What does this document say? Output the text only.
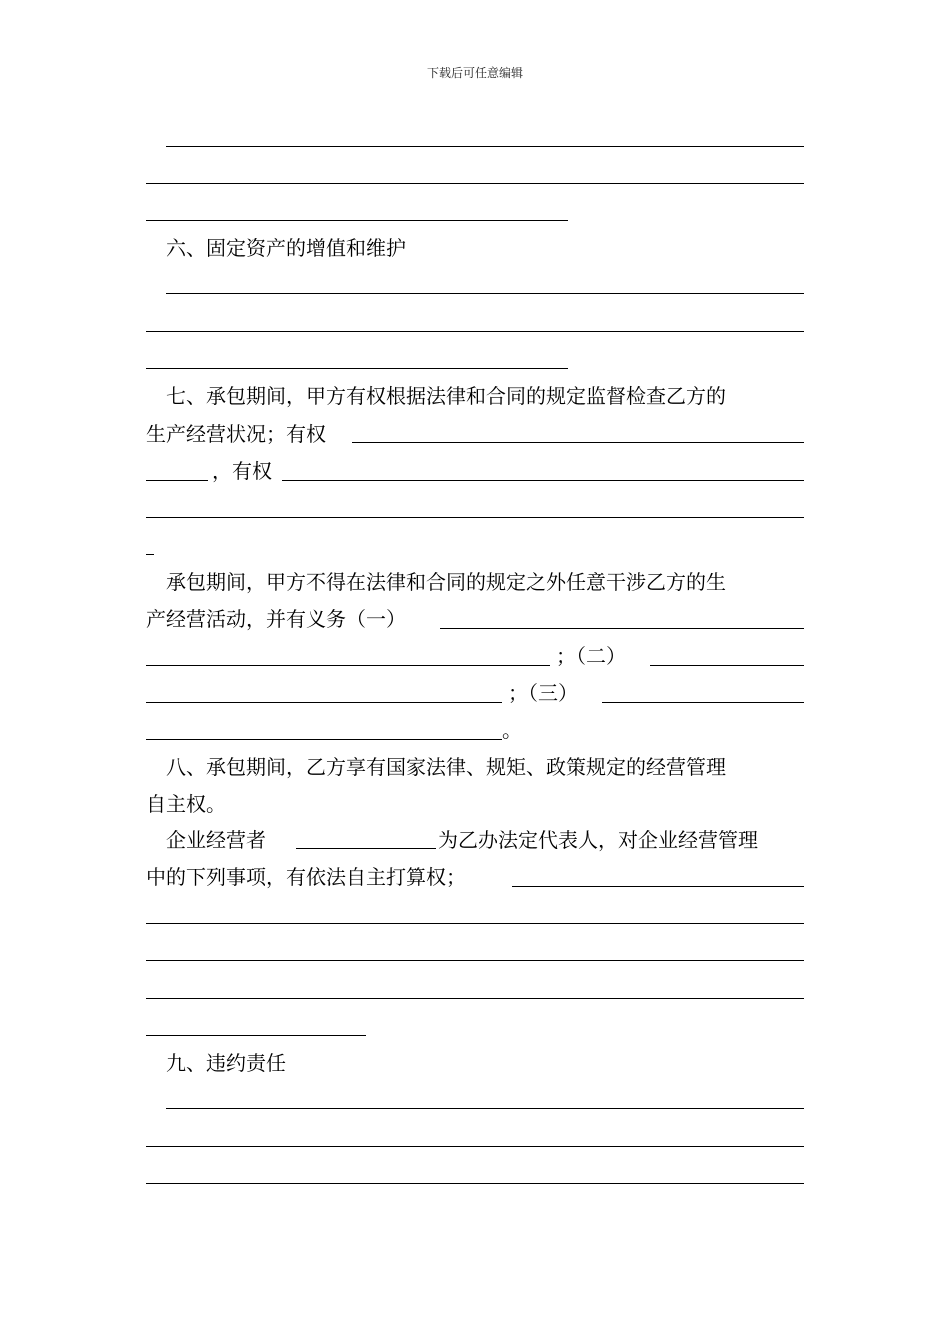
下载后可任意编辑
六、固定资产的增值和维护
七、承包期间，甲方有权根据法律和合同的规定监督检查乙方的
生产经营状况；有权
，有权
承包期间，甲方不得在法律和合同的规定之外任意干涉乙方的生
产经营活动，并有义务（一）
；（二）
；（三）
。
八、承包期间，乙方享有国家法律、规矩、政策规定的经营管理
自主权。
企业经营者	为乙办法定代表人，对企业经营管理
中的下列事项，有依法自主打算权；
九、违约责任
